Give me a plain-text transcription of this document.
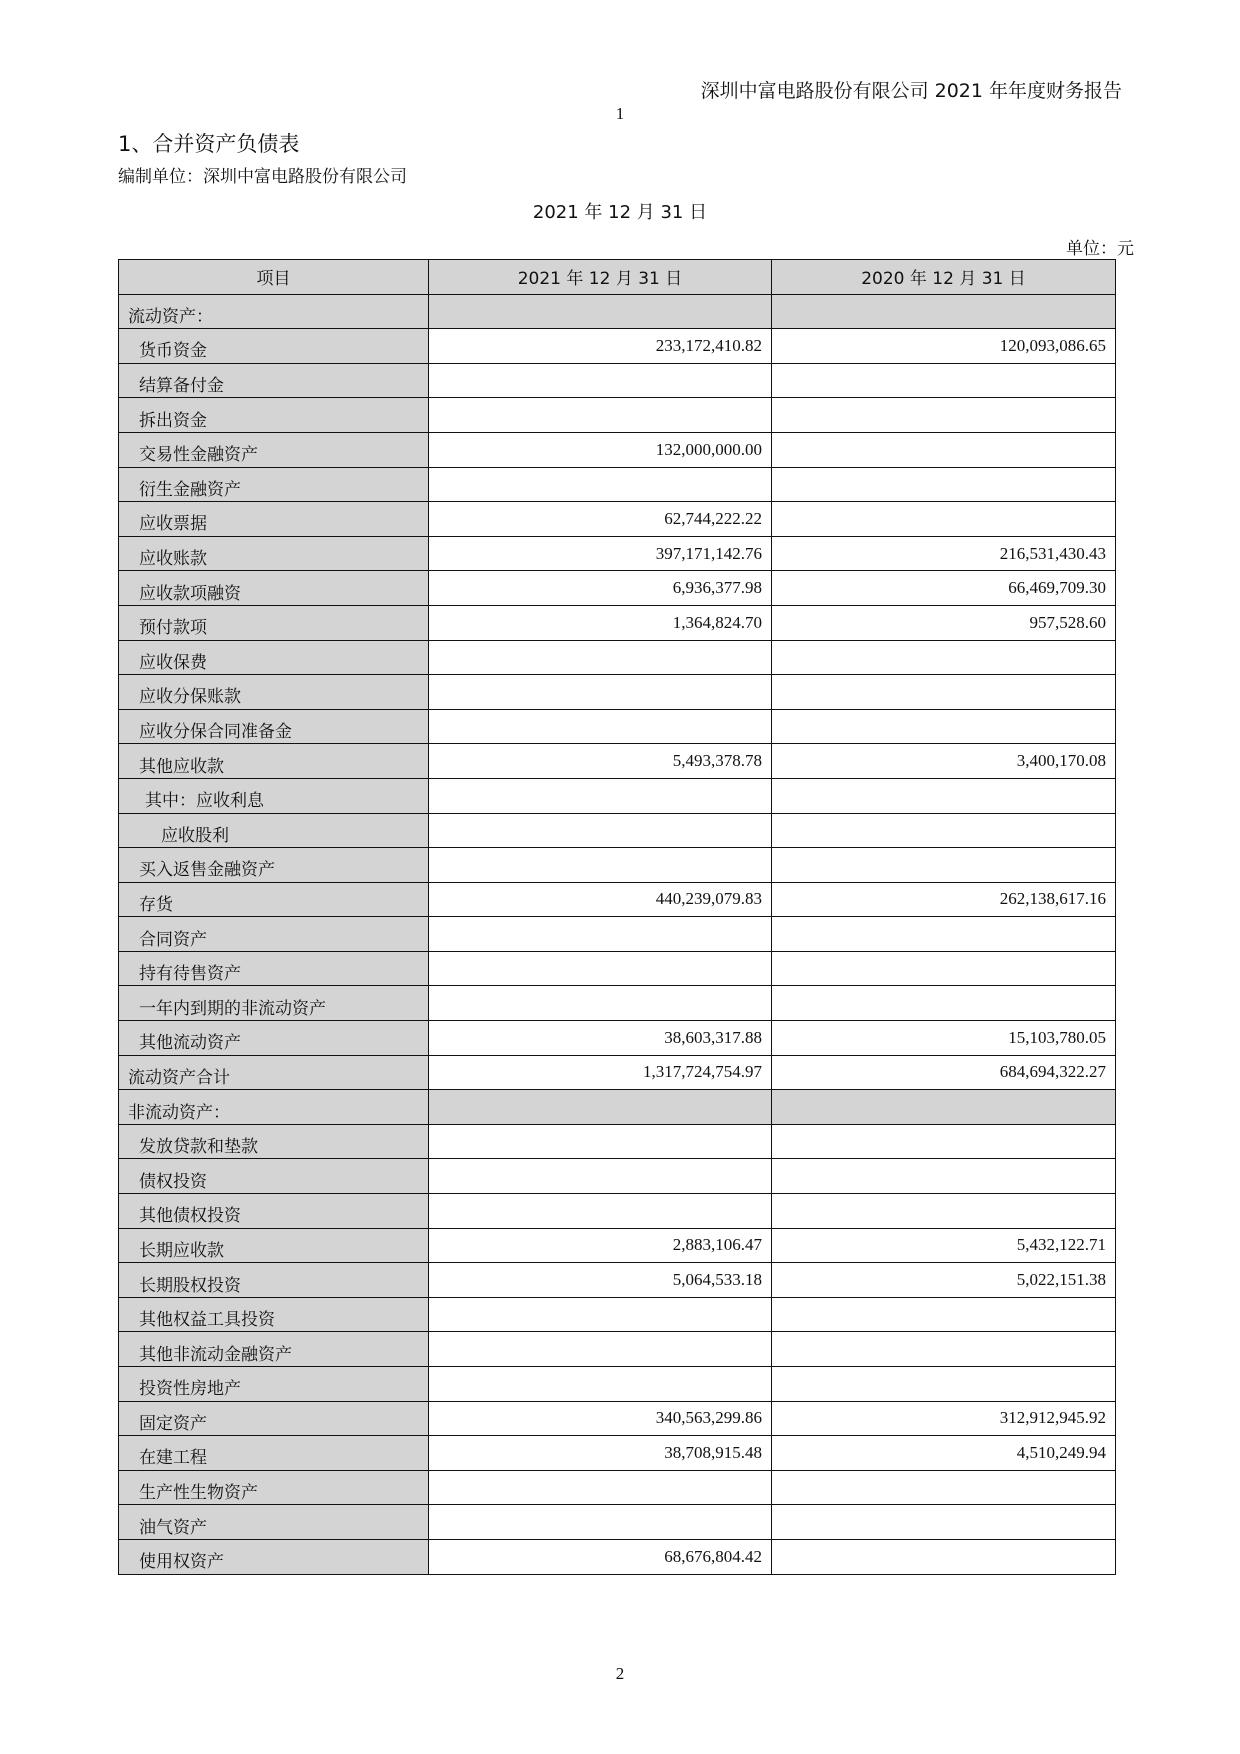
深圳中富电路股份有限公司 2021 年年度财务报告
1
1、合并资产负债表
编制单位：深圳中富电路股份有限公司
2021 年 12 月 31 日
单位：元
项目	2021 年 12 月 31 日	2020 年 12 月 31 日
流动资产：		
货币资金	233,172,410.82	120,093,086.65
结算备付金		
拆出资金		
交易性金融资产	132,000,000.00	
衍生金融资产		
应收票据	62,744,222.22	
应收账款	397,171,142.76	216,531,430.43
应收款项融资	6,936,377.98	66,469,709.30
预付款项	1,364,824.70	957,528.60
应收保费		
应收分保账款		
应收分保合同准备金		
其他应收款	5,493,378.78	3,400,170.08
其中：应收利息		
应收股利		
买入返售金融资产		
存货	440,239,079.83	262,138,617.16
合同资产		
持有待售资产		
一年内到期的非流动资产		
其他流动资产	38,603,317.88	15,103,780.05
流动资产合计	1,317,724,754.97	684,694,322.27
非流动资产：		
发放贷款和垫款		
债权投资		
其他债权投资		
长期应收款	2,883,106.47	5,432,122.71
长期股权投资	5,064,533.18	5,022,151.38
其他权益工具投资		
其他非流动金融资产		
投资性房地产		
固定资产	340,563,299.86	312,912,945.92
在建工程	38,708,915.48	4,510,249.94
生产性生物资产		
油气资产		
使用权资产	68,676,804.42	
2
